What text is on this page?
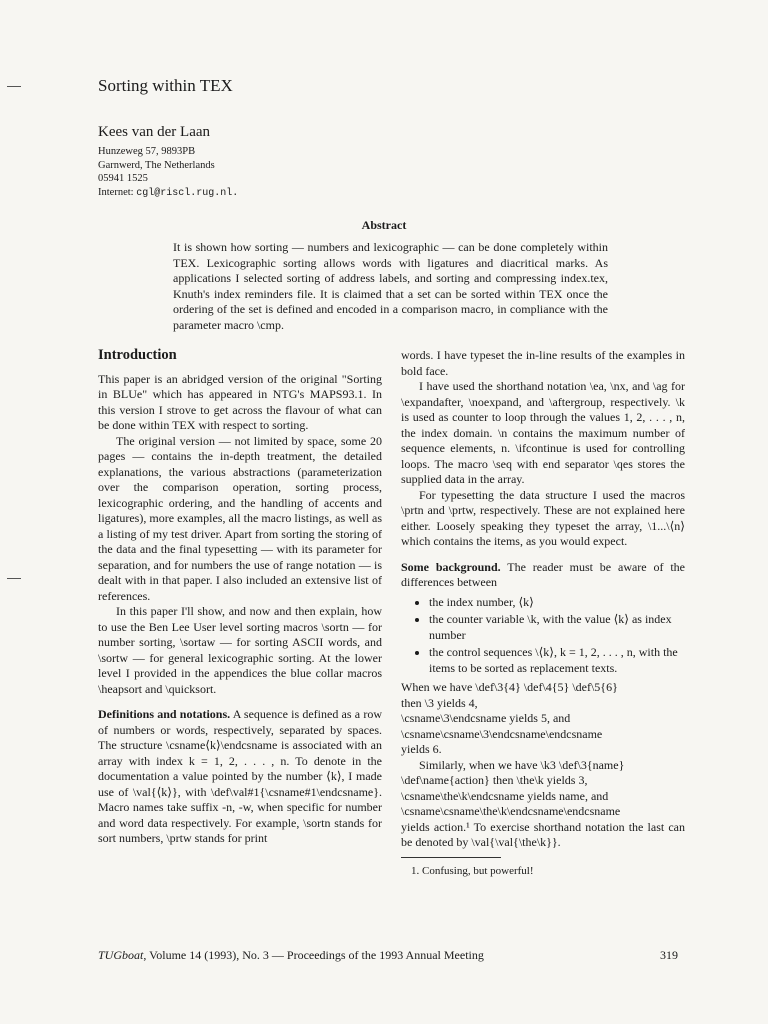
Sorting within TEX
Kees van der Laan
Hunzeweg 57, 9893PB
Garnwerd, The Netherlands
05941 1525
Internet: cgl@riscl.rug.nl.
Abstract

It is shown how sorting — numbers and lexicographic — can be done completely within TEX. Lexicographic sorting allows words with ligatures and diacritical marks. As applications I selected sorting of address labels, and sorting and compressing index.tex, Knuth's index reminders file. It is claimed that a set can be sorted within TEX once the ordering of the set is defined and encoded in a comparison macro, in compliance with the parameter macro \cmp.

Introduction

This paper is an abridged version of the original "Sorting in BLUe" which has appeared in NTG's MAPS93.1. In this version I strove to get across the flavour of what can be done within TEX with respect to sorting.

The original version — not limited by space, some 20 pages — contains the in-depth treatment, the detailed explanations, the various abstractions (parameterization over the comparison operation, sorting process, lexicographic ordering, and the handling of accents and ligatures), more examples, all the macro listings, as well as a listing of my test driver. Apart from sorting the storing of the data and the final typesetting — with its parameter for separation, and for numbers the use of range notation — is dealt with in that paper. I also included an extensive list of references.

In this paper I'll show, and now and then explain, how to use the Ben Lee User level sorting macros \sortn — for number sorting, \sortaw — for sorting ASCII words, and \sortw — for general lexicographic sorting. At the lower level I provided in the appendices the blue collar macros \heapsort and \quicksort.

Definitions and notations. A sequence is defined as a row of numbers or words, respectively, separated by spaces. The structure \csname⟨k⟩\endcsname is associated with an array with index k = 1, 2, . . . , n. To denote in the documentation a value pointed by the number ⟨k⟩, I made use of \val{⟨k⟩}, with \def\val#1{\csname#1\endcsname}. Macro names take suffix -n, -w, when specific for number and word data respectively. For example, \sortn stands for sort numbers, \prtw stands for print

words. I have typeset the in-line results of the examples in bold face.

I have used the shorthand notation \ea, \nx, and \ag for \expandafter, \noexpand, and \aftergroup, respectively. \k is used as counter to loop through the values 1, 2, . . . , n, the index domain. \n contains the maximum number of sequence elements, n. \ifcontinue is used for controlling loops. The macro \seq with end separator \qes stores the supplied data in the array.

For typesetting the data structure I used the macros \prtn and \prtw, respectively. These are not explained here either. Loosely speaking they typeset the array, \1...\⟨n⟩ which contains the items, as you would expect.

Some background. The reader must be aware of the differences between

• the index number, ⟨k⟩
• the counter variable \k, with the value ⟨k⟩ as index number
• the control sequences \⟨k⟩, k = 1, 2, . . . , n, with the items to be sorted as replacement texts.
When we have \def\3{4} \def\4{5} \def\5{6}
then \3 yields 4,
\csname\3\endcsname yields 5, and
\csname\csname\3\endcsname\endcsname
yields 6.
Similarly, when we have \k3 \def\3{name}
\def\name{action} then \the\k yields 3,
\csname\the\k\endcsname yields name, and
\csname\csname\the\k\endcsname\endcsname

yields action.¹ To exercise shorthand notation the last can be denoted by \val{\val{\the\k}}.

1. Confusing, but powerful!

TUGboat, Volume 14 (1993), No. 3 — Proceedings of the 1993 Annual Meeting	319
